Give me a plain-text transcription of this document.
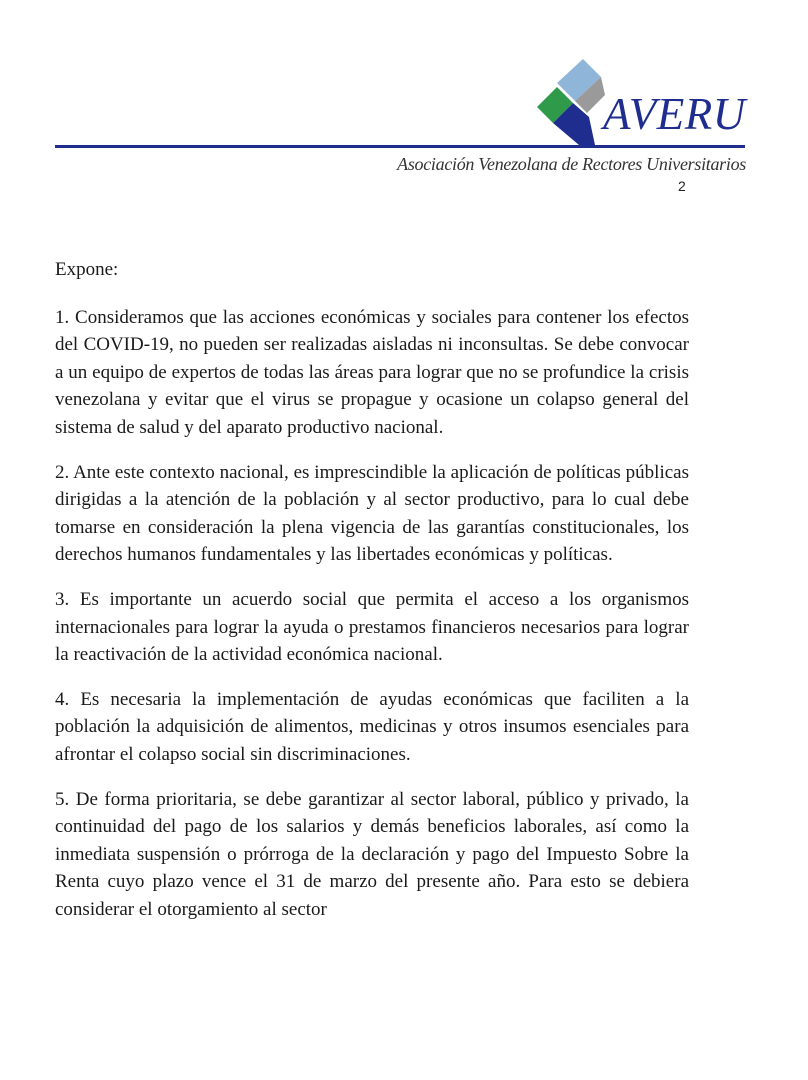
AVERU
Asociación Venezolana de Rectores Universitarios
2

Expone:

1. Consideramos que las acciones económicas y sociales para contener los efectos del COVID-19, no pueden ser realizadas aisladas ni inconsultas. Se debe convocar a un equipo de expertos de todas las áreas para lograr que no se profundice la crisis venezolana y evitar que el virus se propague y ocasione un colapso general del sistema de salud y del aparato productivo nacional.

2. Ante este contexto nacional, es imprescindible la aplicación de políticas públicas dirigidas a la atención de la población y al sector productivo, para lo cual debe tomarse en consideración la plena vigencia de las garantías constitucionales, los derechos humanos fundamentales y las libertades económicas y políticas.

3. Es importante un acuerdo social que permita el acceso a los organismos internacionales para lograr la ayuda o prestamos financieros necesarios para lograr la reactivación de la actividad económica nacional.

4. Es necesaria la implementación de ayudas económicas que faciliten a la población la adquisición de alimentos, medicinas y otros insumos esenciales para afrontar el colapso social sin discriminaciones.

5. De forma prioritaria, se debe garantizar al sector laboral, público y privado, la continuidad del pago de los salarios y demás beneficios laborales, así como la inmediata suspensión o prórroga de la declaración y pago del Impuesto Sobre la Renta cuyo plazo vence el 31 de marzo del presente año. Para esto se debiera considerar el otorgamiento al sector
